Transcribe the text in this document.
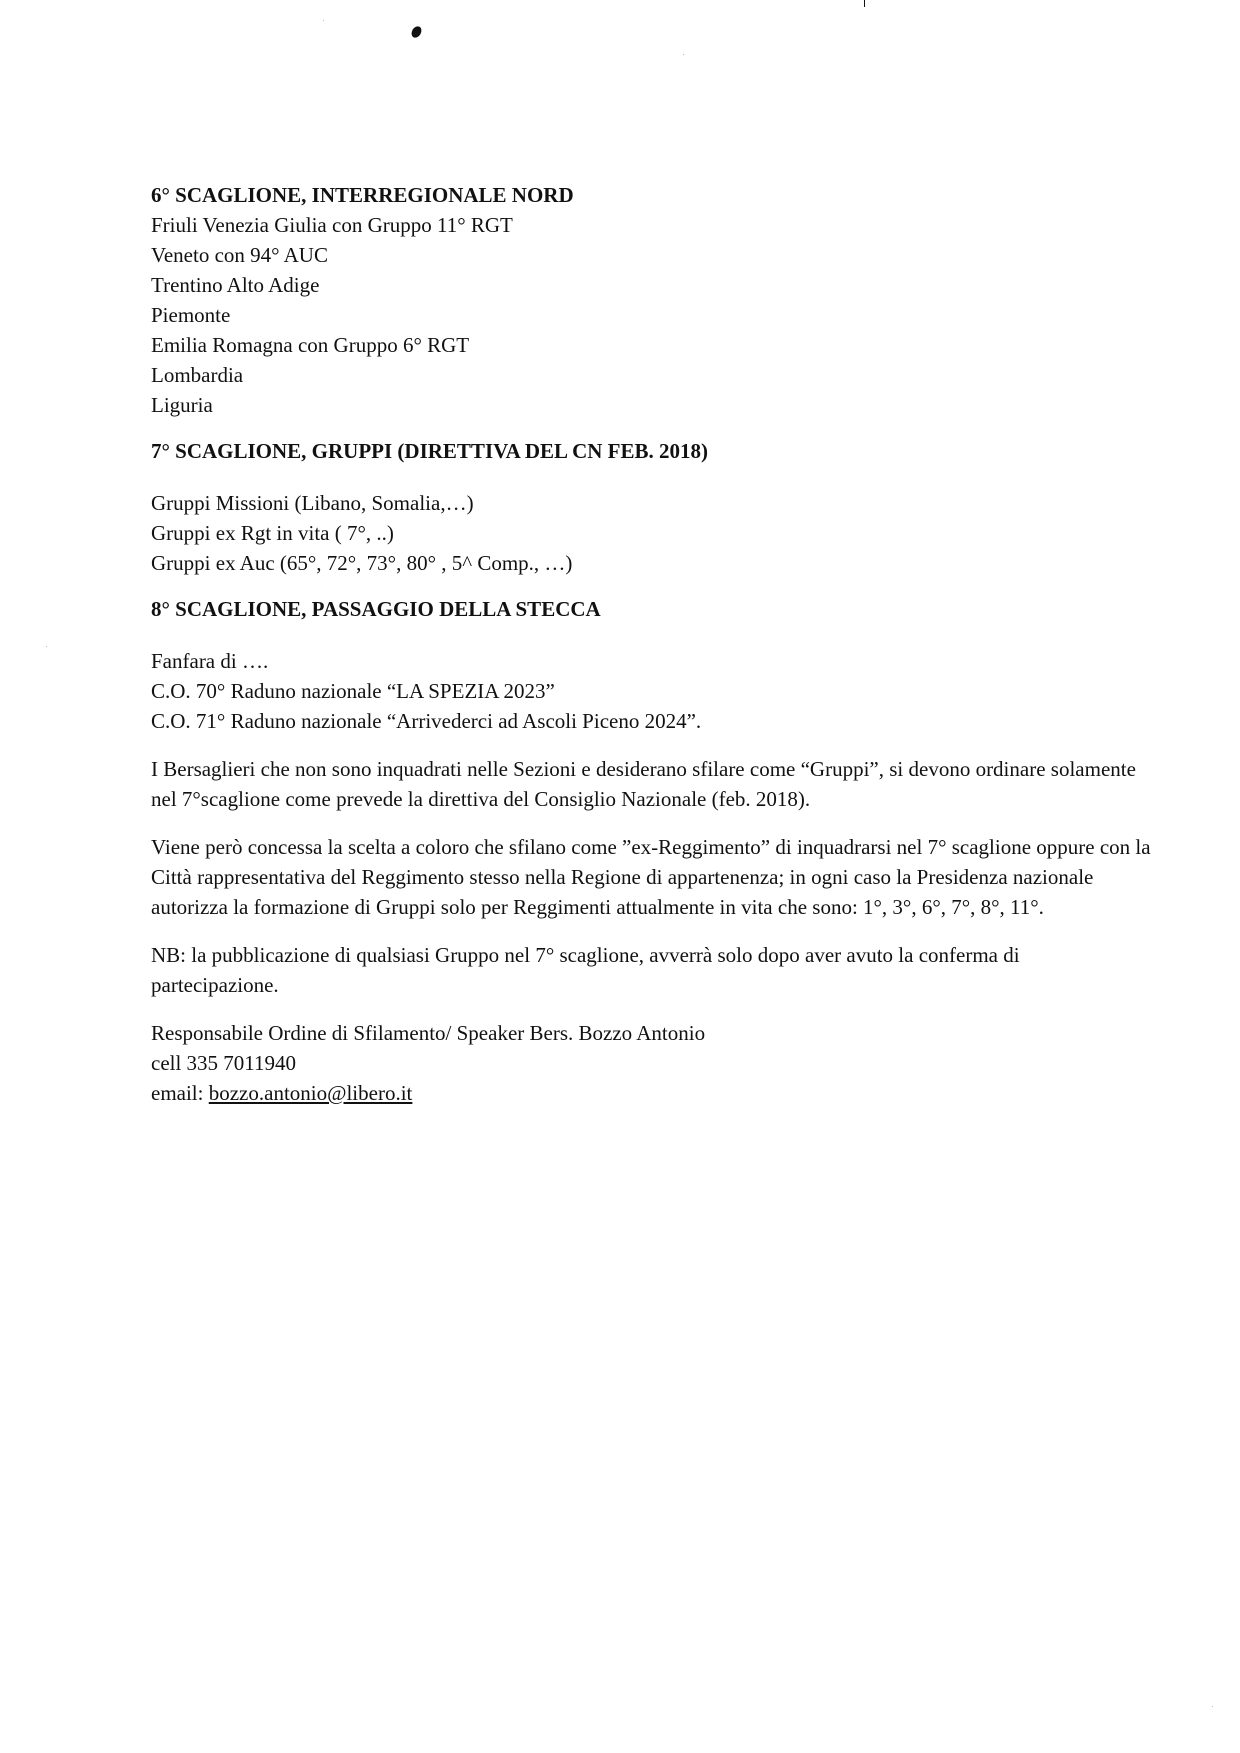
6° SCAGLIONE, INTERREGIONALE NORD

Friuli Venezia Giulia con Gruppo 11° RGT
Veneto con 94° AUC
Trentino Alto Adige
Piemonte
Emilia Romagna con Gruppo 6° RGT
Lombardia
Liguria

7° SCAGLIONE, GRUPPI (DIRETTIVA DEL CN FEB. 2018)

Gruppi Missioni (Libano, Somalia,…)
Gruppi ex Rgt in vita ( 7°, ..)
Gruppi ex Auc (65°, 72°, 73°, 80° , 5^ Comp., …)

8° SCAGLIONE, PASSAGGIO DELLA STECCA

Fanfara di ….
C.O. 70° Raduno nazionale “LA SPEZIA 2023”
C.O. 71° Raduno nazionale “Arrivederci ad Ascoli Piceno 2024”.

I Bersaglieri che non sono inquadrati nelle Sezioni e desiderano sfilare come “Gruppi”, si devono ordinare solamente nel 7°scaglione come prevede la direttiva del Consiglio Nazionale (feb. 2018).

Viene però concessa la scelta a coloro che sfilano come ”ex-Reggimento” di inquadrarsi nel 7° scaglione oppure con la Città rappresentativa del Reggimento stesso nella Regione di appartenenza; in ogni caso la Presidenza nazionale autorizza la formazione di Gruppi solo per Reggimenti attualmente in vita che sono: 1°, 3°, 6°, 7°, 8°, 11°.

NB: la pubblicazione di qualsiasi Gruppo nel 7° scaglione, avverrà solo dopo aver avuto la conferma di partecipazione.

Responsabile Ordine di Sfilamento/ Speaker Bers. Bozzo Antonio

cell 335 7011940

email: bozzo.antonio@libero.it
